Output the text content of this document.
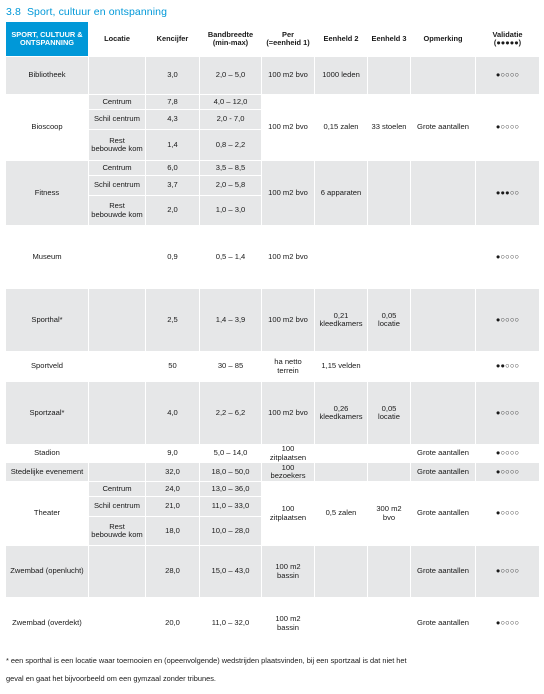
3.8 Sport, cultuur en ontspanning
SPORT, CULTUUR & ONTSPANNING	Locatie	Kencijfer	Bandbreedte (min-max)	Per (=eenheid 1)	Eenheld 2	Eenheld 3	Opmerking	Validatie (●●●●●)
Bibliotheek		3,0	2,0 – 5,0	100 m2 bvo	1000 leden			●○○○○
Bioscoop	Centrum	7,8	4,0 – 12,0	100 m2 bvo	0,15 zalen	33 stoelen	Grote aantallen	●○○○○
	Schil centrum	4,3	2,0 - 7,0					
	Rest bebouwde kom	1,4	0,8 – 2,2					
Fitness	Centrum	6,0	3,5 – 8,5	100 m2 bvo	6 apparaten			●●●○○
	Schil centrum	3,7	2,0 – 5,8					
	Rest bebouwde kom	2,0	1,0 – 3,0					
Museum		0,9	0,5 – 1,4	100 m2 bvo				●○○○○
Sporthal*		2,5	1,4 – 3,9	100 m2 bvo	0,21 kleedkamers	0,05 locatie		●○○○○
Sportveld		50	30 – 85	ha netto terrein	1,15 velden			●●○○○
Sportzaal*		4,0	2,2 – 6,2	100 m2 bvo	0,26 kleedkamers	0,05 locatie		●○○○○
Stadion		9,0	5,0 – 14,0	100 zitplaatsen			Grote aantallen	●○○○○
Stedelijke evenement		32,0	18,0 – 50,0	100 bezoekers			Grote aantallen	●○○○○
Theater	Centrum	24,0	13,0 – 36,0	100 zitplaatsen	0,5 zalen	300 m2 bvo	Grote aantallen	●○○○○
	Schil centrum	21,0	11,0 – 33,0					
	Rest bebouwde kom	18,0	10,0 – 28,0					
Zwembad (openlucht)		28,0	15,0 – 43,0	100 m2 bassin			Grote aantallen	●○○○○
Zwembad (overdekt)		20,0	11,0 – 32,0	100 m2 bassin			Grote aantallen	●○○○○
* een sporthal is een locatie waar toernooien en (opeenvolgende) wedstrijden plaatsvinden, bij een sportzaal is dat niet het
geval en gaat het bijvoorbeeld om een gymzaal zonder tribunes.
